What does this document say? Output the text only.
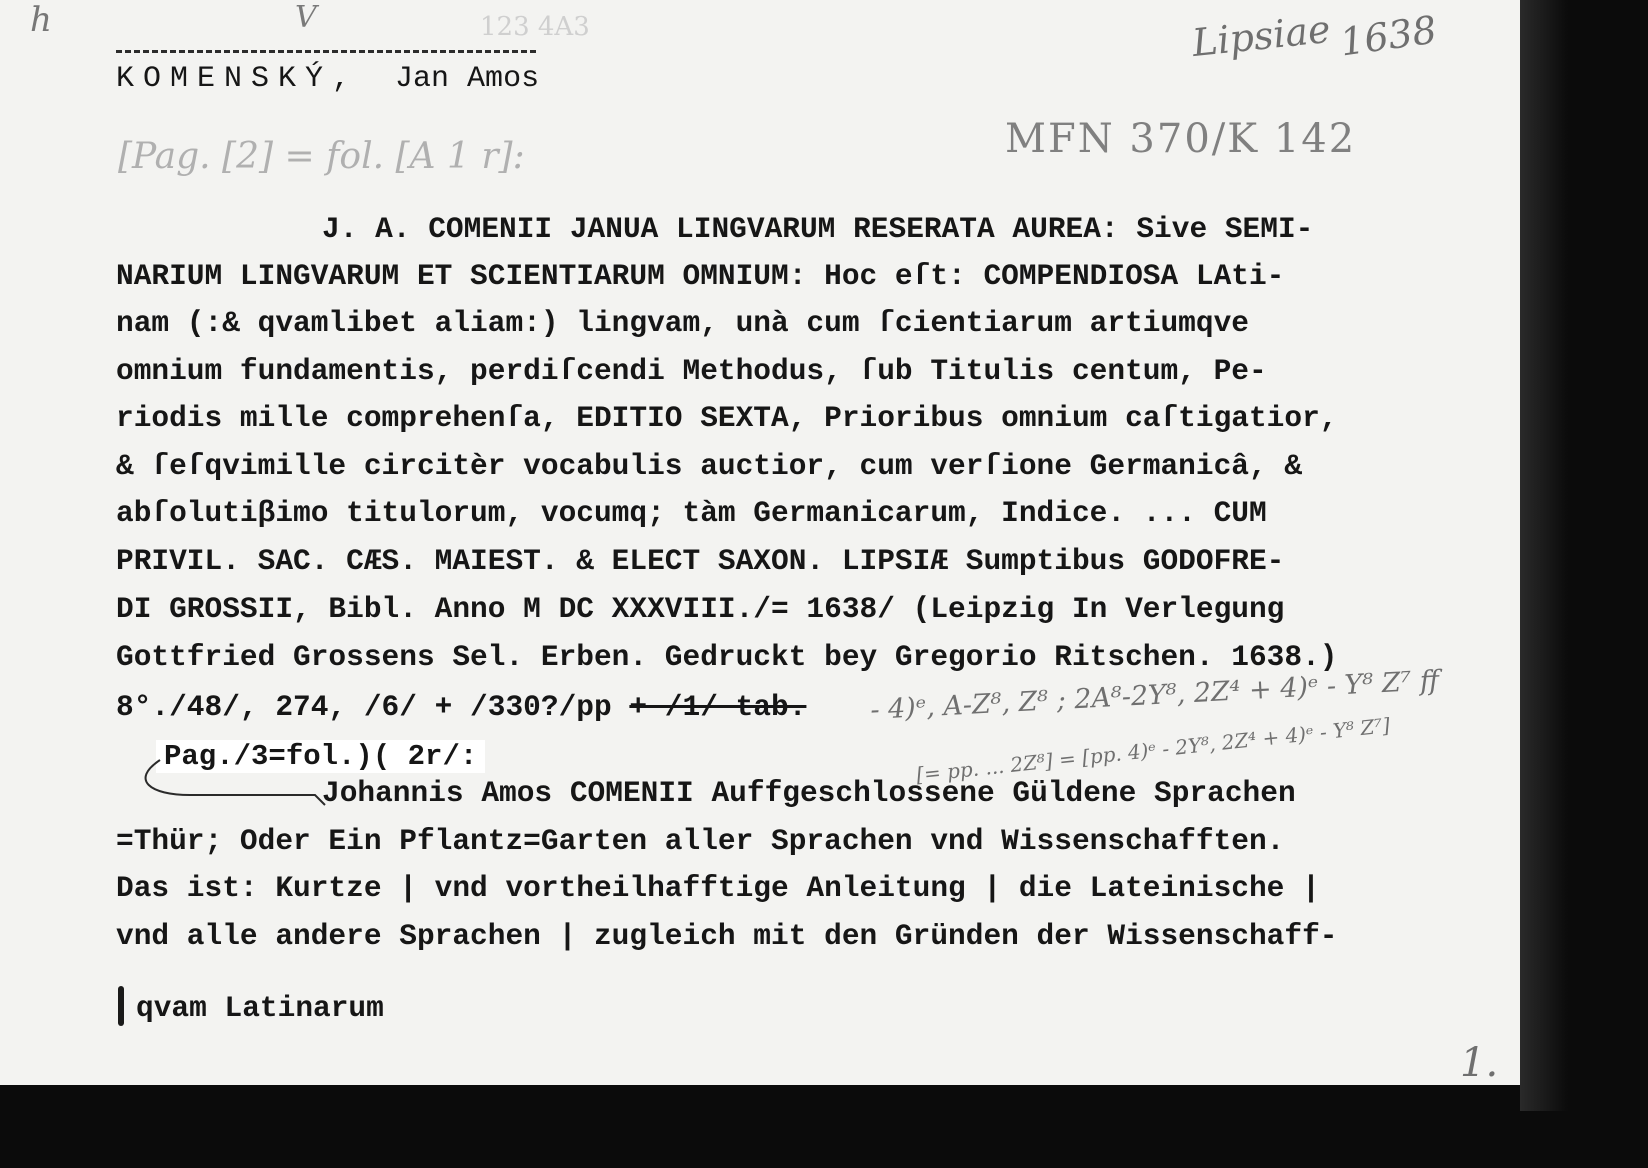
h	V	123 4A3	Lipsiae 1638
KOMENSKÝ, Jan Amos
MFN 370/K 142
[Pag. [2] = fol. [A 1 r]:
J. A. COMENII JANUA LINGVARUM RESERATA AUREA: Sive SEMI-
NARIUM LINGVARUM ET SCIENTIARUM OMNIUM: Hoc eſt: COMPENDIOSA LAti-
nam (:& qvamlibet aliam:) lingvam, unà cum ſcientiarum artiumqve
omnium fundamentis, perdiſcendi Methodus, ſub Titulis centum, Pe-
riodis mille comprehenſa, EDITIO SEXTA, Prioribus omnium caſtigatior,
& ſeſqvimille circitèr vocabulis auctior, cum verſione Germanicâ, &
abſolutiβimo titulorum, vocumq; tàm Germanicarum, Indice. ... CUM
PRIVIL. SAC. CÆS. MAIEST. & ELECT SAXON. LIPSIÆ Sumptibus GODOFRE-
DI GROSSII, Bibl. Anno M DC XXXVIII./= 1638/ (Leipzig In Verlegung
Gottfried Grossens Sel. Erben. Gedruckt bey Gregorio Ritschen. 1638.)
8°./48/, 274, /6/ + /330?/pp + /1/ tab. - 4)ᵉ, A-Z⁸, Z⁸ ; 2A⁸-2Y⁸, 2Z⁴ + 4)ᵉ - Y⁸ Z⁷ ff
[= pp. ... 2Z⁸] = [pp. 4)ᵉ - 2Y⁸, 2Z⁴ + 4)ᵉ - Y⁸ Z⁷]
Pag./3=fol.)( 2r/:
Johannis Amos COMENII Auffgeschlossene Güldene Sprachen
=Thür; Oder Ein Pflantz=Garten aller Sprachen vnd Wissenschafften.
Das ist: Kurtze | vnd vortheilhafftige Anleitung | die Lateinische |
vnd alle andere Sprachen | zugleich mit den Gründen der Wissenschaff-
qvam Latinarum
1.
